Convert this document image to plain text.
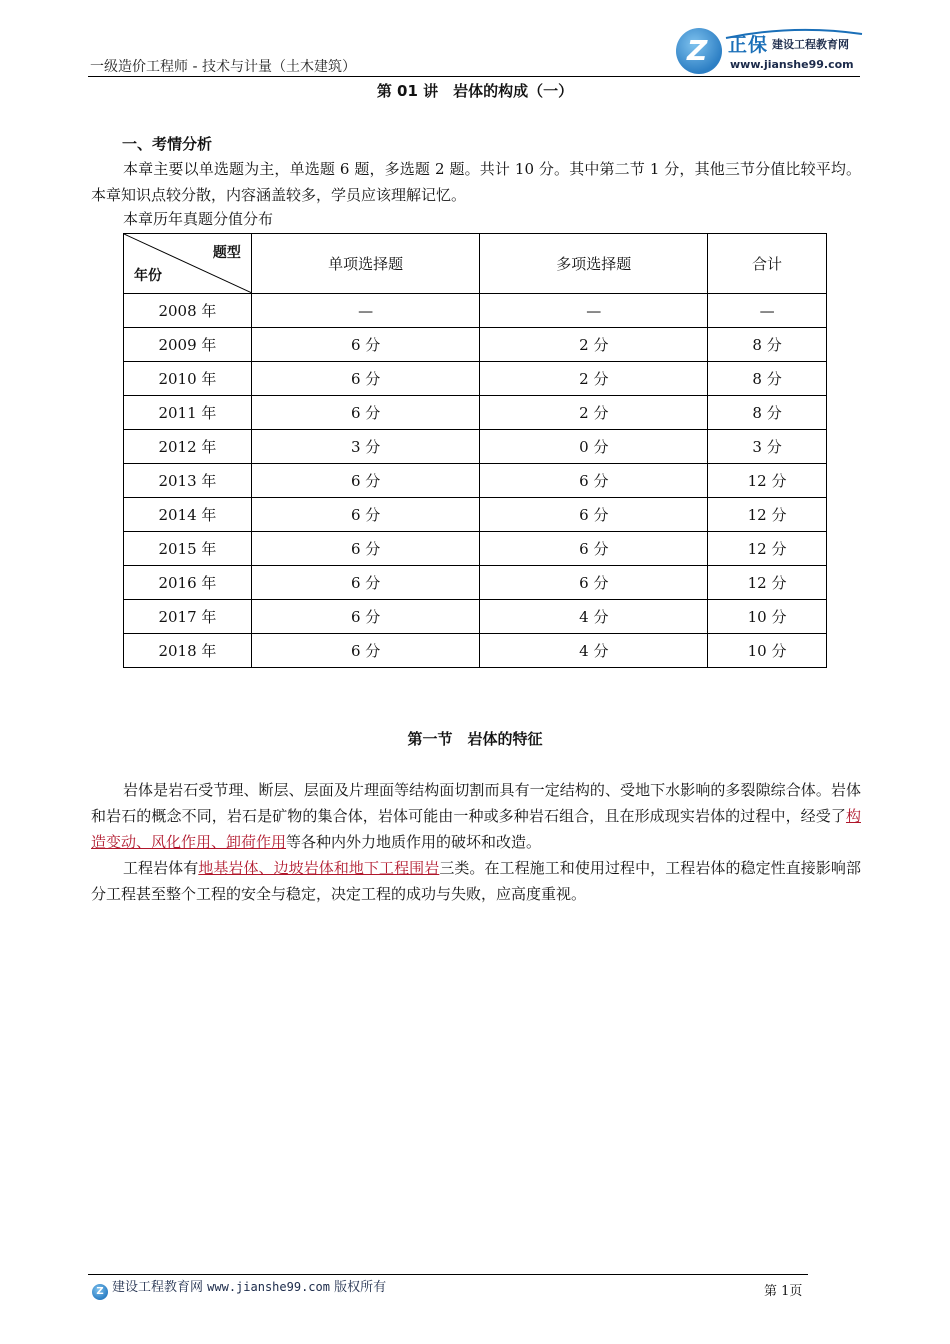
一级造价工程师 - 技术与计量（土木建筑）	Z 正保 建设工程教育网
www.jianshe99.com
第 01 讲　岩体的构成（一）
一、考情分析
本章主要以单选题为主，单选题 6 题，多选题 2 题。共计 10 分。其中第二节 1 分，其他三节分值比较平均。本章知识点较分散，内容涵盖较多，学员应该理解记忆。
本章历年真题分值分布
题型
年份	单项选择题	多项选择题	合计
2008 年	—	—	—
2009 年	6 分	2 分	8 分
2010 年	6 分	2 分	8 分
2011 年	6 分	2 分	8 分
2012 年	3 分	0 分	3 分
2013 年	6 分	6 分	12 分
2014 年	6 分	6 分	12 分
2015 年	6 分	6 分	12 分
2016 年	6 分	6 分	12 分
2017 年	6 分	4 分	10 分
2018 年	6 分	4 分	10 分
第一节　岩体的特征
岩体是岩石受节理、断层、层面及片理面等结构面切割而具有一定结构的、受地下水影响的多裂隙综合体。岩体和岩石的概念不同，岩石是矿物的集合体，岩体可能由一种或多种岩石组合，且在形成现实岩体的过程中，经受了构造变动、风化作用、卸荷作用等各种内外力地质作用的破坏和改造。
工程岩体有地基岩体、边坡岩体和地下工程围岩三类。在工程施工和使用过程中，工程岩体的稳定性直接影响部分工程甚至整个工程的安全与稳定，决定工程的成功与失败，应高度重视。
Z 建设工程教育网 www.jianshe99.com 版权所有	第 1页
